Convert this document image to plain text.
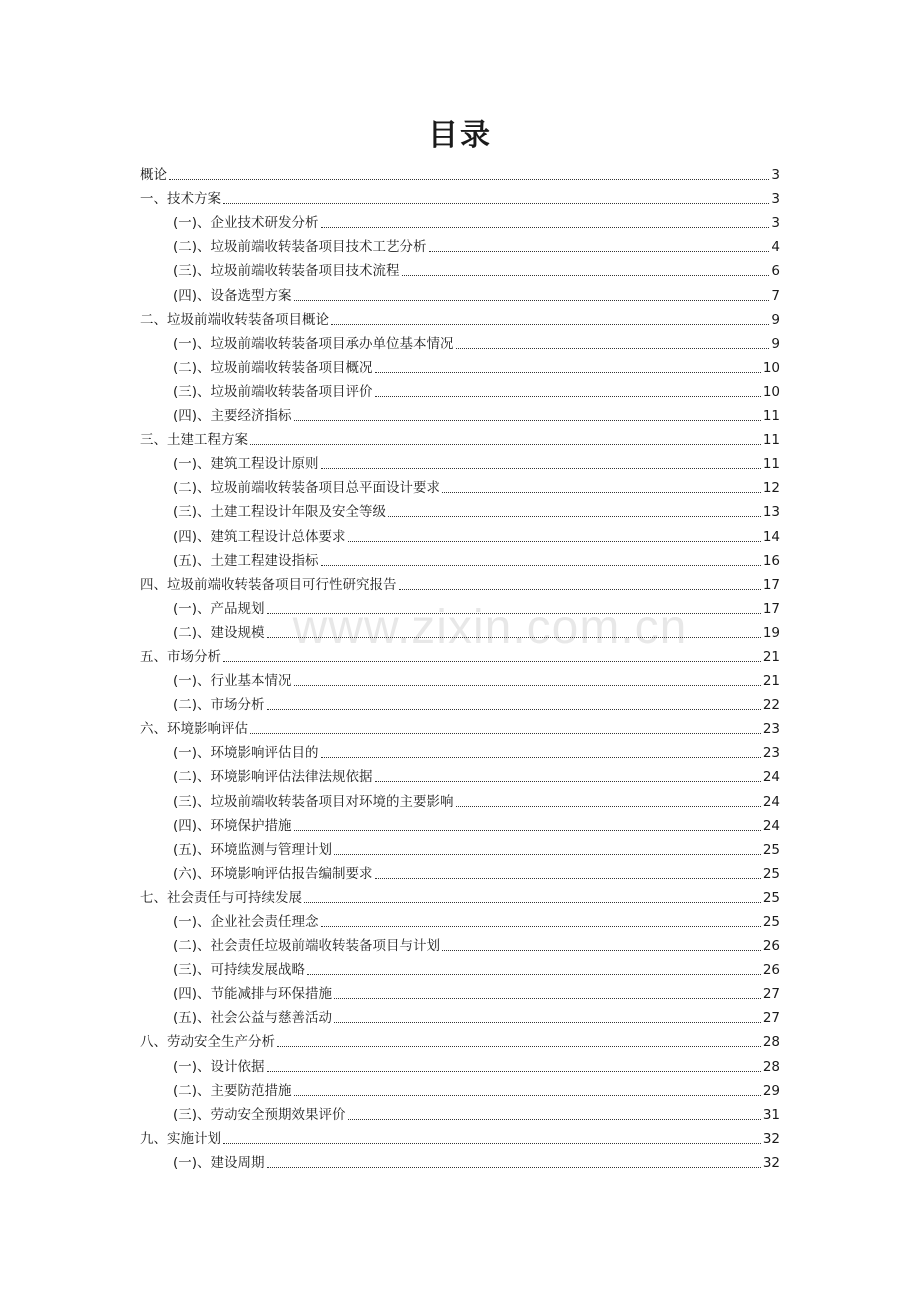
目录
概论	3
一、技术方案	3
(一)、企业技术研发分析	3
(二)、垃圾前端收转装备项目技术工艺分析	4
(三)、垃圾前端收转装备项目技术流程	6
(四)、设备选型方案	7
二、垃圾前端收转装备项目概论	9
(一)、垃圾前端收转装备项目承办单位基本情况	9
(二)、垃圾前端收转装备项目概况	10
(三)、垃圾前端收转装备项目评价	10
(四)、主要经济指标	11
三、土建工程方案	11
(一)、建筑工程设计原则	11
(二)、垃圾前端收转装备项目总平面设计要求	12
(三)、土建工程设计年限及安全等级	13
(四)、建筑工程设计总体要求	14
(五)、土建工程建设指标	16
四、垃圾前端收转装备项目可行性研究报告	17
(一)、产品规划	17
(二)、建设规模	19
五、市场分析	21
(一)、行业基本情况	21
(二)、市场分析	22
六、环境影响评估	23
(一)、环境影响评估目的	23
(二)、环境影响评估法律法规依据	24
(三)、垃圾前端收转装备项目对环境的主要影响	24
(四)、环境保护措施	24
(五)、环境监测与管理计划	25
(六)、环境影响评估报告编制要求	25
七、社会责任与可持续发展	25
(一)、企业社会责任理念	25
(二)、社会责任垃圾前端收转装备项目与计划	26
(三)、可持续发展战略	26
(四)、节能减排与环保措施	27
(五)、社会公益与慈善活动	27
八、劳动安全生产分析	28
(一)、设计依据	28
(二)、主要防范措施	29
(三)、劳动安全预期效果评价	31
九、实施计划	32
(一)、建设周期	32
www.zixin.com.cn
